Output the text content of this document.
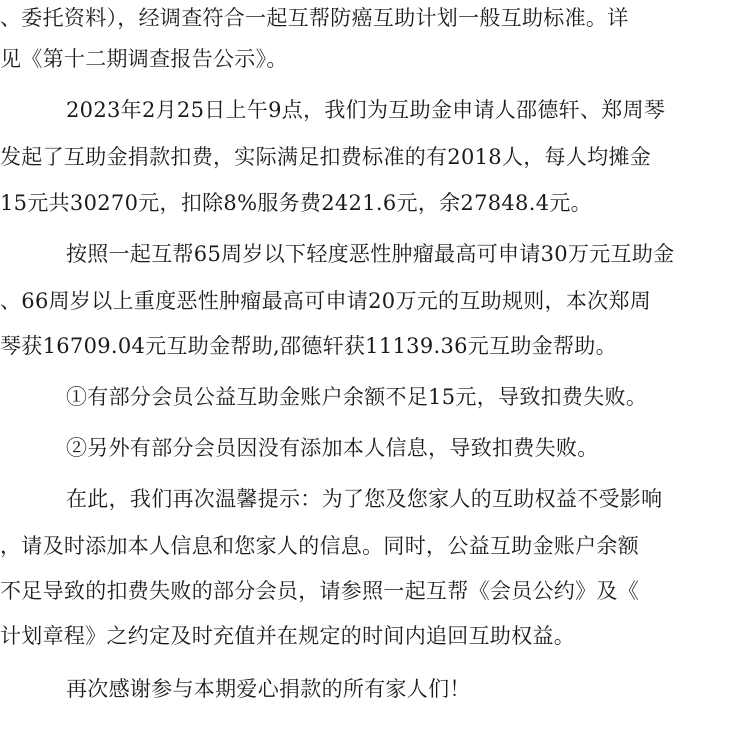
、委托资料），经调查符合一起互帮防癌互助计划一般互助标准。详
见《第十二期调查报告公示》。
2023年2月25日上午9点，我们为互助金申请人邵德轩、郑周琴
发起了互助金捐款扣费，实际满足扣费标准的有2018人，每人均摊金
15元共30270元，扣除8%服务费2421.6元，余27848.4元。
按照一起互帮65周岁以下轻度恶性肿瘤最高可申请30万元互助金
、66周岁以上重度恶性肿瘤最高可申请20万元的互助规则，本次郑周
琴获16709.04元互助金帮助,邵德轩获11139.36元互助金帮助。
①有部分会员公益互助金账户余额不足15元，导致扣费失败。
②另外有部分会员因没有添加本人信息，导致扣费失败。
在此，我们再次温馨提示：为了您及您家人的互助权益不受影响
，请及时添加本人信息和您家人的信息。同时，公益互助金账户余额
不足导致的扣费失败的部分会员，请参照一起互帮《会员公约》及《
计划章程》之约定及时充值并在规定的时间内追回互助权益。
再次感谢参与本期爱心捐款的所有家人们！
